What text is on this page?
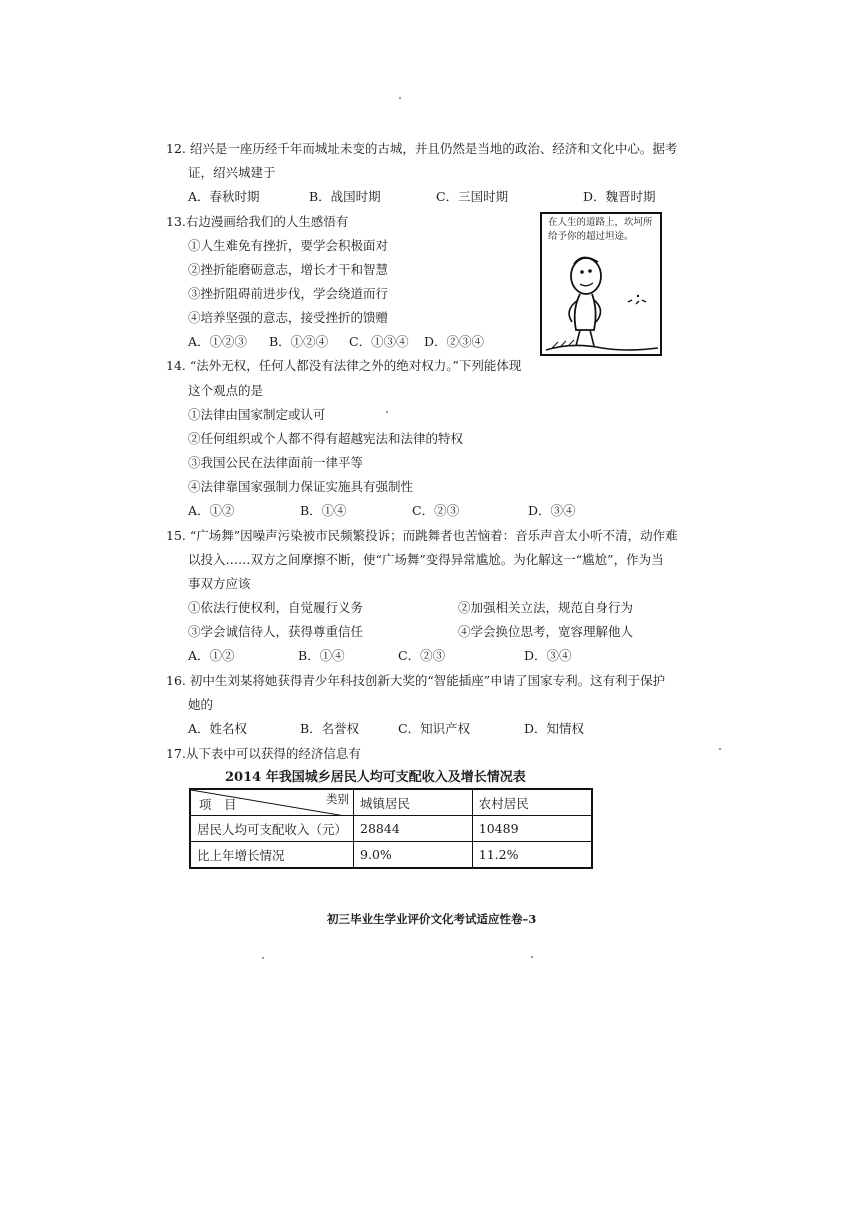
12. 绍兴是一座历经千年而城址未变的古城，并且仍然是当地的政治、经济和文化中心。据考
证，绍兴城建于
A．春秋时期	B．战国时期	C．三国时期	D．魏晋时期
13.右边漫画给我们的人生感悟有
①人生难免有挫折，要学会积极面对
②挫折能磨砺意志，增长才干和智慧
③挫折阻碍前进步伐，学会绕道而行
④培养坚强的意志，接受挫折的馈赠
A．①②③ B．①②④ C．①③④ D．②③④
在人生的道路上，坎坷所给予你的超过坦途。
14. “法外无权，任何人都没有法律之外的绝对权力。”下列能体现
这个观点的是
①法律由国家制定或认可
②任何组织或个人都不得有超越宪法和法律的特权
③我国公民在法律面前一律平等
④法律靠国家强制力保证实施具有强制性
A．①②	B．①④	C．②③	D．③④
15. “广场舞”因噪声污染被市民频繁投诉；而跳舞者也苦恼着：音乐声音太小听不清，动作难
以投入……双方之间摩擦不断，使“广场舞”变得异常尴尬。为化解这一“尴尬”，作为当
事双方应该
①依法行使权利，自觉履行义务	②加强相关立法，规范自身行为
③学会诚信待人，获得尊重信任	④学会换位思考，宽容理解他人
A．①②	B．①④	C．②③	D．③④
16. 初中生刘某将她获得青少年科技创新大奖的“智能插座”申请了国家专利。这有利于保护
她的
A．姓名权	B．名誉权	C．知识产权	D．知情权
17.从下表中可以获得的经济信息有
2014 年我国城乡居民人均可支配收入及增长情况表
项　目 类别	城镇居民	农村居民
居民人均可支配收入（元）	28844	10489
比上年增长情况	9.0%	11.2%
初三毕业生学业评价文化考试适应性卷–3
